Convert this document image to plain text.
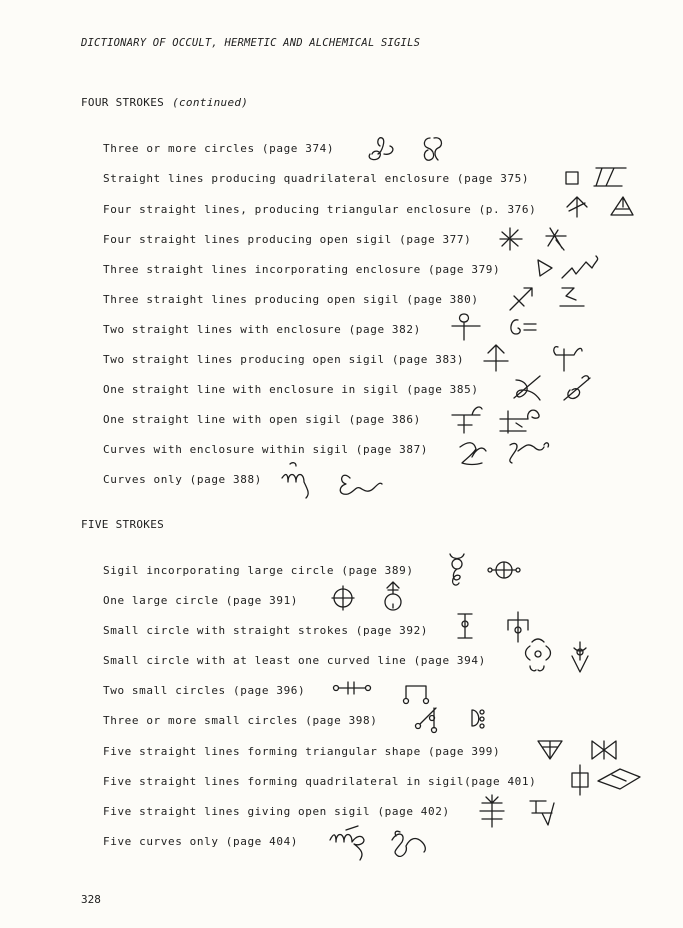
DICTIONARY OF OCCULT, HERMETIC AND ALCHEMICAL SIGILS
FOUR STROKES (continued)
Three or more circles (page 374)
Straight lines producing quadrilateral enclosure (page 375)
Four straight lines, producing triangular enclosure (p. 376)
Four straight lines producing open sigil (page 377)
Three straight lines incorporating enclosure (page 379)
Three straight lines producing open sigil (page 380)
Two straight lines with enclosure (page 382)
Two straight lines producing open sigil (page 383)
One straight line with enclosure in sigil (page 385)
One straight line with open sigil (page 386)
Curves with enclosure within sigil (page 387)
Curves only (page 388)
FIVE STROKES
Sigil incorporating large circle (page 389)
One large circle (page 391)
Small circle with straight strokes (page 392)
Small circle with at least one curved line (page 394)
Two small circles (page 396)
Three or more small circles (page 398)
Five straight lines forming triangular shape (page 399)
Five straight lines forming quadrilateral in sigil(page 401)
Five straight lines giving open sigil (page 402)
Five curves only (page 404)
328
